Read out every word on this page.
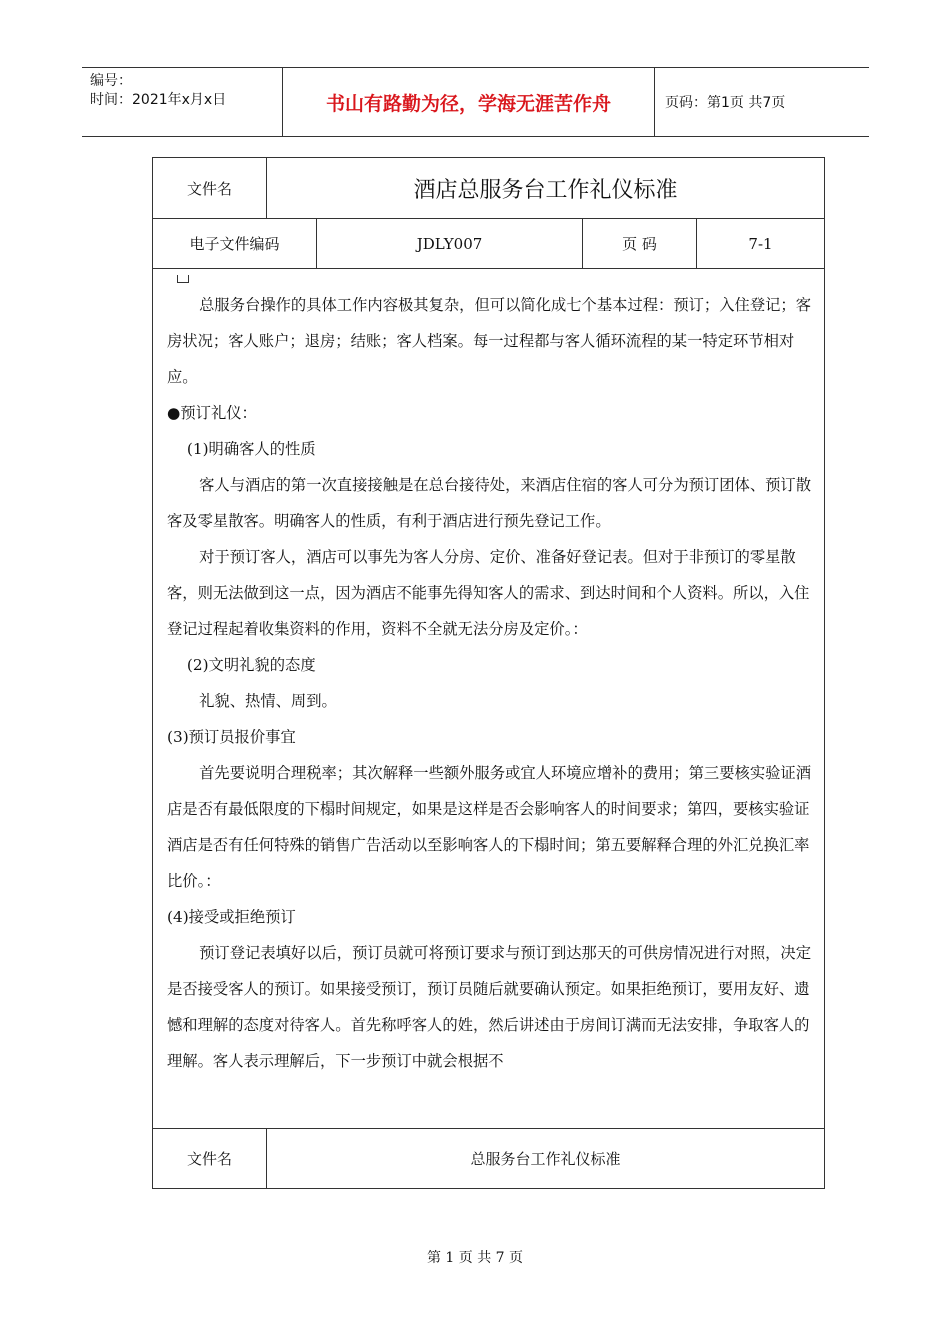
编号：
时间：2021年x月x日	书山有路勤为径，学海无涯苦作舟	页码：第1页 共7页
文件名	酒店总服务台工作礼仪标准
电子文件编码	JDLY007	页 码	7-1

总服务台操作的具体工作内容极其复杂，但可以简化成七个基本过程：预订；入住登记；客房状况；客人账户；退房；结账；客人档案。每一过程都与客人循环流程的某一特定环节相对应。

●预订礼仪：

(1)明确客人的性质

客人与酒店的第一次直接接触是在总台接待处，来酒店住宿的客人可分为预订团体、预订散客及零星散客。明确客人的性质，有利于酒店进行预先登记工作。

对于预订客人，酒店可以事先为客人分房、定价、准备好登记表。但对于非预订的零星散客，则无法做到这一点，因为酒店不能事先得知客人的需求、到达时间和个人资料。所以，入住登记过程起着收集资料的作用，资料不全就无法分房及定价。：

(2)文明礼貌的态度

礼貌、热情、周到。

(3)预订员报价事宜

首先要说明合理税率；其次解释一些额外服务或宜人环境应增补的费用；第三要核实验证酒店是否有最低限度的下榻时间规定，如果是这样是否会影响客人的时间要求；第四，要核实验证酒店是否有任何特殊的销售广告活动以至影响客人的下榻时间；第五要解释合理的外汇兑换汇率比价。：

(4)接受或拒绝预订

预订登记表填好以后，预订员就可将预订要求与预订到达那天的可供房情况进行对照，决定是否接受客人的预订。如果接受预订，预订员随后就要确认预定。如果拒绝预订，要用友好、遗憾和理解的态度对待客人。首先称呼客人的姓，然后讲述由于房间订满而无法安排，争取客人的理解。客人表示理解后，下一步预订中就会根据不

文件名	总服务台工作礼仪标准
第 1 页 共 7 页
